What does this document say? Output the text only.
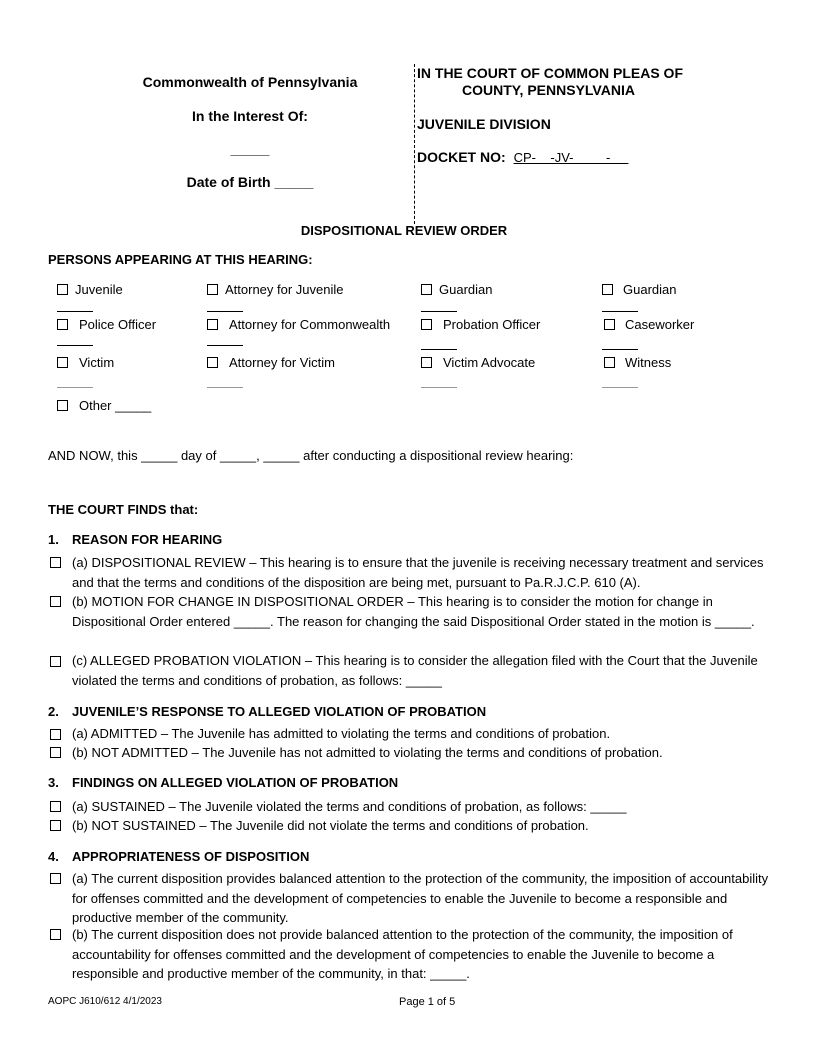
Commonwealth of Pennsylvania
In the Interest Of:
_____
Date of Birth _____
IN THE COURT OF COMMON PLEAS OF
COUNTY, PENNSYLVANIA
JUVENILE DIVISION
DOCKET NO: CP-    -JV-         -
DISPOSITIONAL REVIEW ORDER
PERSONS APPEARING AT THIS HEARING:
Juvenile	Attorney for Juvenile	Guardian	Guardian
Police Officer	Attorney for Commonwealth	Probation Officer	Caseworker
Victim	Attorney for Victim	Victim Advocate	Witness
Other _____
AND NOW, this _____ day of _____, _____ after conducting a dispositional review hearing:
THE COURT FINDS that:
1. REASON FOR HEARING
(a) DISPOSITIONAL REVIEW – This hearing is to ensure that the juvenile is receiving necessary treatment and services and that the terms and conditions of the disposition are being met, pursuant to Pa.R.J.C.P. 610 (A).
(b) MOTION FOR CHANGE IN DISPOSITIONAL ORDER – This hearing is to consider the motion for change in Dispositional Order entered _____. The reason for changing the said Dispositional Order stated in the motion is _____.
(c) ALLEGED PROBATION VIOLATION – This hearing is to consider the allegation filed with the Court that the Juvenile violated the terms and conditions of probation, as follows: _____
2. JUVENILE’S RESPONSE TO ALLEGED VIOLATION OF PROBATION
(a) ADMITTED – The Juvenile has admitted to violating the terms and conditions of probation.
(b) NOT ADMITTED – The Juvenile has not admitted to violating the terms and conditions of probation.
3. FINDINGS ON ALLEGED VIOLATION OF PROBATION
(a) SUSTAINED – The Juvenile violated the terms and conditions of probation, as follows: _____
(b) NOT SUSTAINED – The Juvenile did not violate the terms and conditions of probation.
4. APPROPRIATENESS OF DISPOSITION
(a) The current disposition provides balanced attention to the protection of the community, the imposition of accountability for offenses committed and the development of competencies to enable the Juvenile to become a responsible and productive member of the community.
(b) The current disposition does not provide balanced attention to the protection of the community, the imposition of accountability for offenses committed and the development of competencies to enable the Juvenile to become a responsible and productive member of the community, in that: _____.
AOPC J610/612 4/1/2023	Page 1 of 5
